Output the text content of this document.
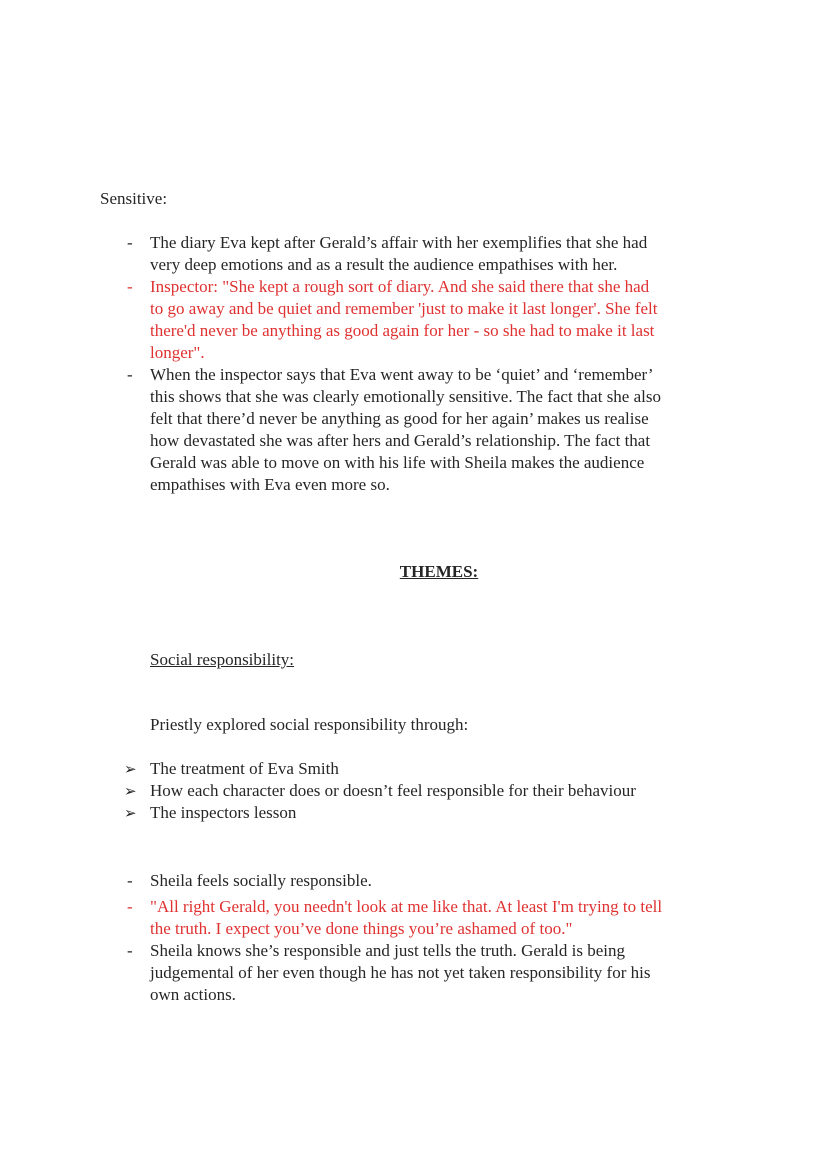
Sensitive:
- The diary Eva kept after Gerald’s affair with her exemplifies that she had
very deep emotions and as a result the audience empathises with her.
- Inspector: "She kept a rough sort of diary. And she said there that she had
to go away and be quiet and remember 'just to make it last longer'. She felt
there'd never be anything as good again for her - so she had to make it last
longer".
- When the inspector says that Eva went away to be ‘quiet’ and ‘remember’
this shows that she was clearly emotionally sensitive. The fact that she also
felt that there’d never be anything as good for her again’ makes us realise
how devastated she was after hers and Gerald’s relationship. The fact that
Gerald was able to move on with his life with Sheila makes the audience
empathises with Eva even more so.
THEMES:
Social responsibility:
Priestly explored social responsibility through:
➢ The treatment of Eva Smith
➢ How each character does or doesn’t feel responsible for their behaviour
➢ The inspectors lesson
- Sheila feels socially responsible.
- "All right Gerald, you needn't look at me like that. At least I'm trying to tell
the truth. I expect you’ve done things you’re ashamed of too."
- Sheila knows she’s responsible and just tells the truth. Gerald is being
judgemental of her even though he has not yet taken responsibility for his
own actions.
